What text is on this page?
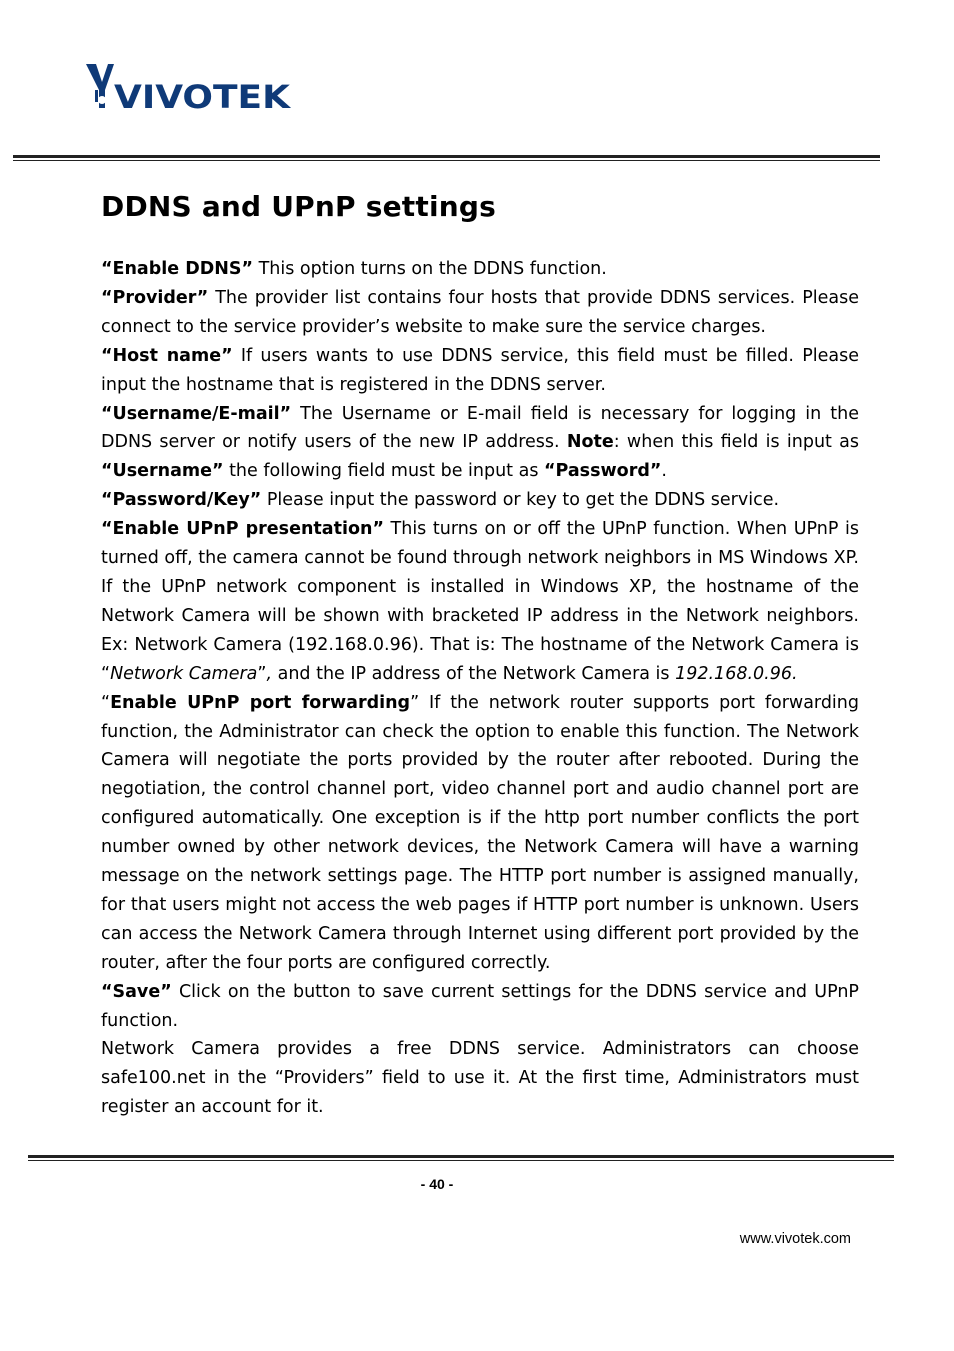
VIVOTEK
DDNS and UPnP settings

“Enable DDNS” This option turns on the DDNS function.

“Provider” The provider list contains four hosts that provide DDNS services. Please connect to the service provider’s website to make sure the service charges.

“Host name” If users wants to use DDNS service, this field must be filled. Please input the hostname that is registered in the DDNS server.

“Username/E-mail” The Username or E-mail field is necessary for logging in the DDNS server or notify users of the new IP address. Note: when this field is input as “Username” the following field must be input as “Password”.

“Password/Key” Please input the password or key to get the DDNS service.

“Enable UPnP presentation” This turns on or off the UPnP function. When UPnP is turned off, the camera cannot be found through network neighbors in MS Windows XP. If the UPnP network component is installed in Windows XP, the hostname of the Network Camera will be shown with bracketed IP address in the Network neighbors. Ex: Network Camera (192.168.0.96). That is: The hostname of the Network Camera is “Network Camera”, and the IP address of the Network Camera is 192.168.0.96.

“Enable UPnP port forwarding” If the network router supports port forwarding function, the Administrator can check the option to enable this function. The Network Camera will negotiate the ports provided by the router after rebooted. During the negotiation, the control channel port, video channel port and audio channel port are configured automatically. One exception is if the http port number conflicts the port number owned by other network devices, the Network Camera will have a warning message on the network settings page. The HTTP port number is assigned manually, for that users might not access the web pages if HTTP port number is unknown. Users can access the Network Camera through Internet using different port provided by the router, after the four ports are configured correctly.

“Save” Click on the button to save current settings for the DDNS service and UPnP function.

Network Camera provides a free DDNS service. Administrators can choose safe100.net in the “Providers” field to use it. At the first time, Administrators must register an account for it.

- 40 -
www.vivotek.com
